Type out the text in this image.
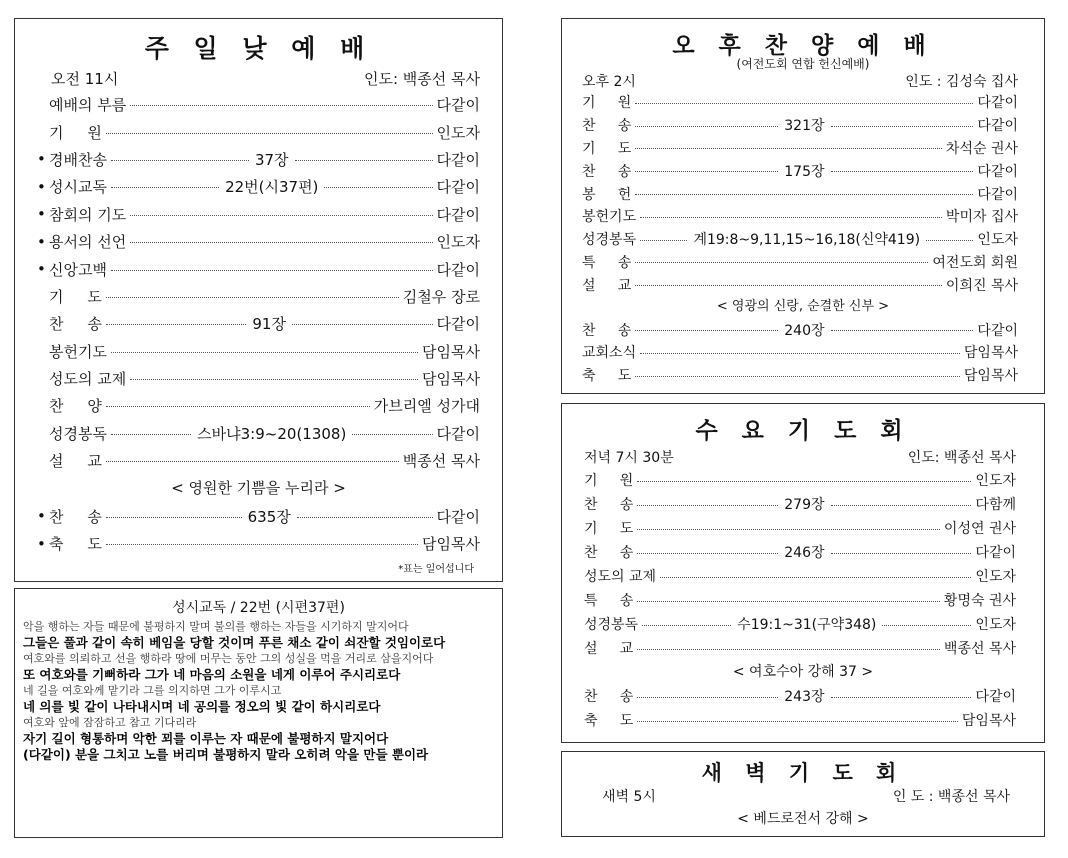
주 일 낮 예 배
오전 11시	인도: 백종선 목사
예배의 부름	다같이
기     원	인도자
• 경배찬송	37장	다같이
• 성시교독	22번(시37편)	다같이
• 참회의 기도	다같이
• 용서의 선언	인도자
• 신앙고백	다같이
기     도	김철우 장로
찬     송	91장	다같이
봉헌기도	담임목사
성도의 교제	담임목사
찬     양	가브리엘 성가대
성경봉독	스바냐3:9~20(1308)	다같이
설     교	백종선 목사
< 영원한 기쁨을 누리라 >
• 찬     송	635장	다같이
• 축     도	담임목사
*표는 일어섭니다
성시교독 / 22번 (시편37편)
악을 행하는 자들 때문에 불평하지 말며 불의를 행하는 자들을 시기하지 말지어다
그들은 풀과 같이 속히 베임을 당할 것이며 푸른 채소 같이 쇠잔할 것임이로다
여호와를 의뢰하고 선을 행하라 땅에 머무는 동안 그의 성실을 먹을 거리로 삼을지어다
또 여호와를 기뻐하라 그가 네 마음의 소원을 네게 이루어 주시리로다
네 길을 여호와께 맡기라 그를 의지하면 그가 이루시고
네 의를 빛 같이 나타내시며 네 공의를 정오의 빛 같이 하시리로다
여호와 앞에 잠잠하고 참고 기다리라
자기 길이 형통하며 악한 꾀를 이루는 자 때문에 불평하지 말지어다
(다같이) 분을 그치고 노를 버리며 불평하지 말라 오히려 악을 만들 뿐이라
오 후 찬 양 예 배
(여전도회 연합 헌신예배)
오후 2시	인도 : 김성숙 집사
기     원	다같이
찬     송	321장	다같이
기     도	차석순 권사
찬     송	175장	다같이
봉     헌	다같이
봉헌기도	박미자 집사
성경봉독	계19:8~9,11,15~16,18(신약419)	인도자
특     송	여전도회 회원
설     교	이희진 목사
< 영광의 신랑, 순결한 신부 >
찬     송	240장	다같이
교회소식	담임목사
축     도	담임목사
수 요 기 도 회
저녁 7시 30분	인도: 백종선 목사
기     원	인도자
찬     송	279장	다함께
기     도	이성연 권사
찬     송	246장	다같이
성도의 교제	인도자
특     송	황명숙 권사
성경봉독	수19:1~31(구약348)	인도자
설     교	백종선 목사
< 여호수아 강해 37 >
찬     송	243장	다같이
축     도	담임목사
새 벽 기 도 회
새벽 5시	인 도 : 백종선 목사
< 베드로전서 강해 >
